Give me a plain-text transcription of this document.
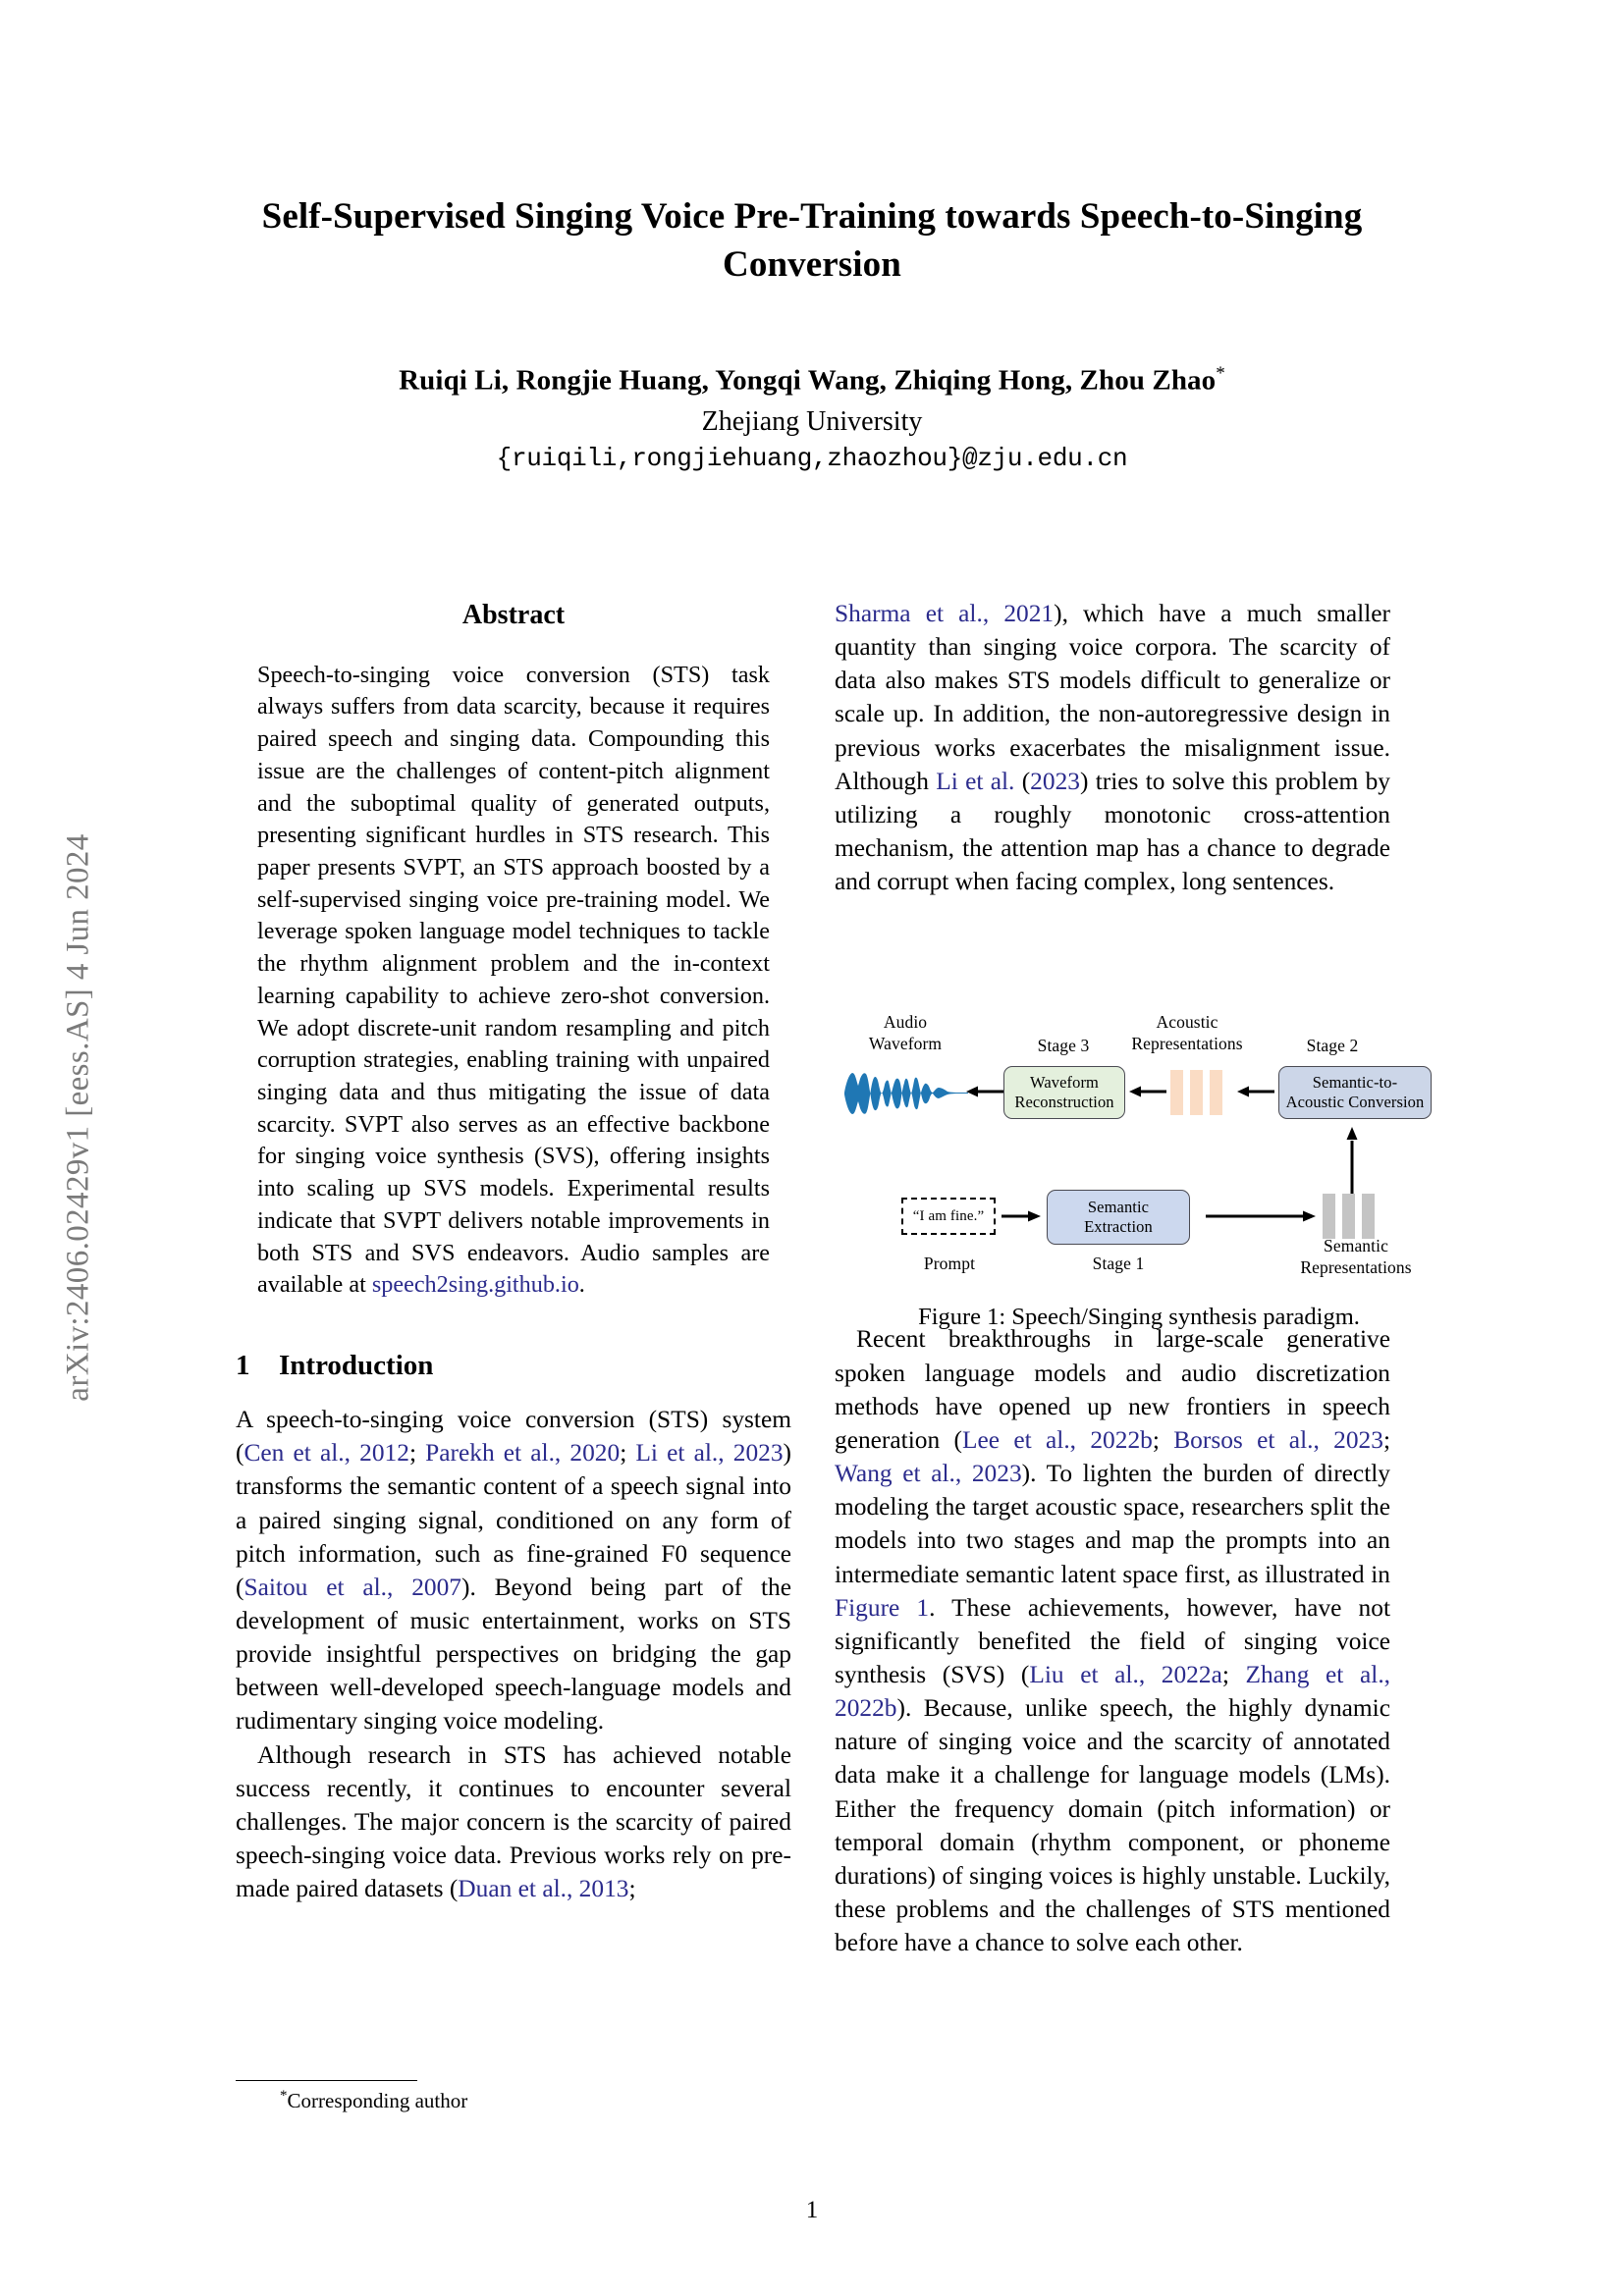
arXiv:2406.02429v1 [eess.AS] 4 Jun 2024
Self-Supervised Singing Voice Pre-Training towards Speech-to-Singing Conversion
Ruiqi Li, Rongjie Huang, Yongqi Wang, Zhiqing Hong, Zhou Zhao*
Zhejiang University
{ruiqili,rongjiehuang,zhaozhou}@zju.edu.cn
Abstract

Speech-to-singing voice conversion (STS) task always suffers from data scarcity, because it requires paired speech and singing data. Compounding this issue are the challenges of content-pitch alignment and the suboptimal quality of generated outputs, presenting significant hurdles in STS research. This paper presents SVPT, an STS approach boosted by a self-supervised singing voice pre-training model. We leverage spoken language model techniques to tackle the rhythm alignment problem and the in-context learning capability to achieve zero-shot conversion. We adopt discrete-unit random resampling and pitch corruption strategies, enabling training with unpaired singing data and thus mitigating the issue of data scarcity. SVPT also serves as an effective backbone for singing voice synthesis (SVS), offering insights into scaling up SVS models. Experimental results indicate that SVPT delivers notable improvements in both STS and SVS endeavors. Audio samples are available at speech2sing.github.io.

1 Introduction

A speech-to-singing voice conversion (STS) system (Cen et al., 2012; Parekh et al., 2020; Li et al., 2023) transforms the semantic content of a speech signal into a paired singing signal, conditioned on any form of pitch information, such as fine-grained F0 sequence (Saitou et al., 2007). Beyond being part of the development of music entertainment, works on STS provide insightful perspectives on bridging the gap between well-developed speech-language models and rudimentary singing voice modeling.

Although research in STS has achieved notable success recently, it continues to encounter several challenges. The major concern is the scarcity of paired speech-singing voice data. Previous works rely on pre-made paired datasets (Duan et al., 2013;

Sharma et al., 2021), which have a much smaller quantity than singing voice corpora. The scarcity of data also makes STS models difficult to generalize or scale up. In addition, the non-autoregressive design in previous works exacerbates the misalignment issue. Although Li et al. (2023) tries to solve this problem by utilizing a roughly monotonic cross-attention mechanism, the attention map has a chance to degrade and corrupt when facing complex, long sentences.

Recent breakthroughs in large-scale generative spoken language models and audio discretization methods have opened up new frontiers in speech generation (Lee et al., 2022b; Borsos et al., 2023; Wang et al., 2023). To lighten the burden of directly modeling the target acoustic space, researchers split the models into two stages and map the prompts into an intermediate semantic latent space first, as illustrated in Figure 1. These achievements, however, have not significantly benefited the field of singing voice synthesis (SVS) (Liu et al., 2022a; Zhang et al., 2022b). Because, unlike speech, the highly dynamic nature of singing voice and the scarcity of annotated data make it a challenge for language models (LMs). Either the frequency domain (pitch information) or temporal domain (rhythm component, or phoneme durations) of singing voices is highly unstable. Luckily, these problems and the challenges of STS mentioned before have a chance to solve each other.

Audio
Waveform	Stage 3
Acoustic
Representations	Stage 2
Waveform
Reconstruction
Semantic-to-
Acoustic Conversion
“I am fine.”	Semantic
Extraction
Prompt	Stage 1
Semantic
Representations
Figure 1: Speech/Singing synthesis paradigm.
*Corresponding author
1
